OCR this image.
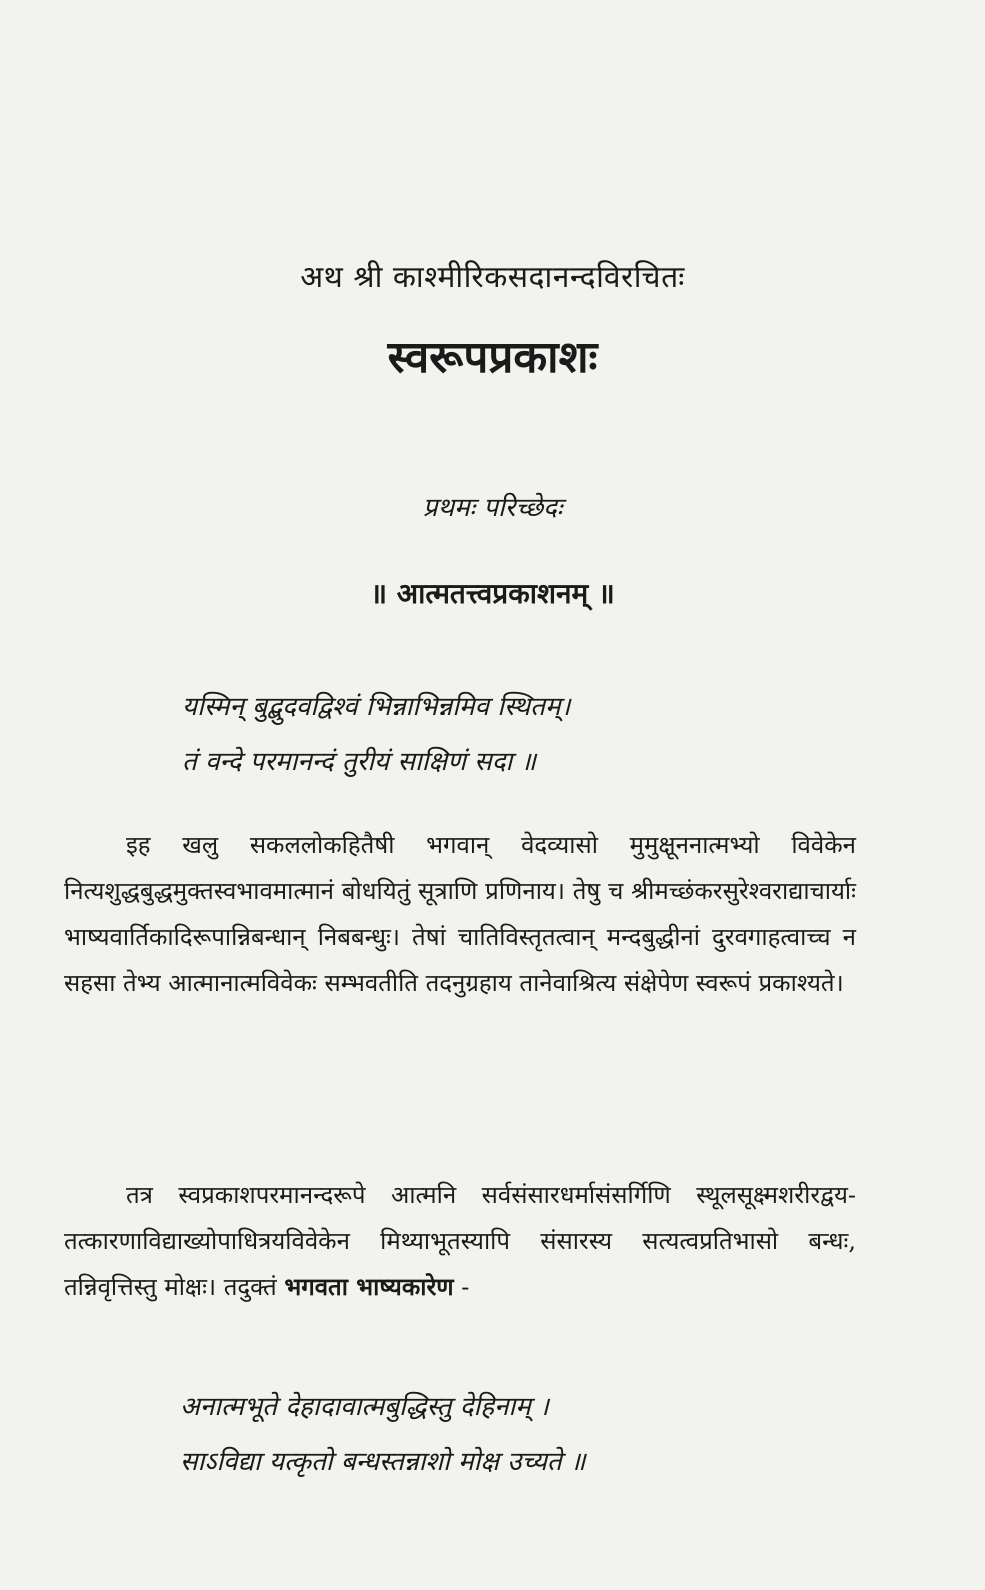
अथ श्री काश्मीरिकसदानन्दविरचितः
स्वरूपप्रकाशः
प्रथमः परिच्छेदः
॥ आत्मतत्त्वप्रकाशनम् ॥
यस्मिन् बुद्बुदवद्विश्वं भिन्नाभिन्नमिव स्थितम्।
तं वन्दे परमानन्दं तुरीयं साक्षिणं सदा ॥
इह खलु सकललोकहितैषी भगवान् वेदव्यासो मुमुक्षूननात्मभ्यो विवेकेन नित्यशुद्धबुद्धमुक्तस्वभावमात्मानं बोधयितुं सूत्राणि प्रणिनाय। तेषु च श्रीमच्छंकरसुरेश्वराद्याचार्याः भाष्यवार्तिकादिरूपान्निबन्धान् निबबन्धुः। तेषां चातिविस्तृतत्वान् मन्दबुद्धीनां दुरवगाहत्वाच्च न सहसा तेभ्य आत्मानात्मविवेकः सम्भवतीति तदनुग्रहाय तानेवाश्रित्य संक्षेपेण स्वरूपं प्रकाश्यते।
तत्र स्वप्रकाशपरमानन्दरूपे आत्मनि सर्वसंसारधर्मासंसर्गिणि स्थूलसूक्ष्मशरीरद्वय-तत्कारणाविद्याख्योपाधित्रयविवेकेन मिथ्याभूतस्यापि संसारस्य सत्यत्वप्रतिभासो बन्धः, तन्निवृत्तिस्तु मोक्षः। तदुक्तं भगवता भाष्यकारेण -
अनात्मभूते देहादावात्मबुद्धिस्तु देहिनाम् ।
साऽविद्या यत्कृतो बन्धस्तन्नाशो मोक्ष उच्यते ॥
